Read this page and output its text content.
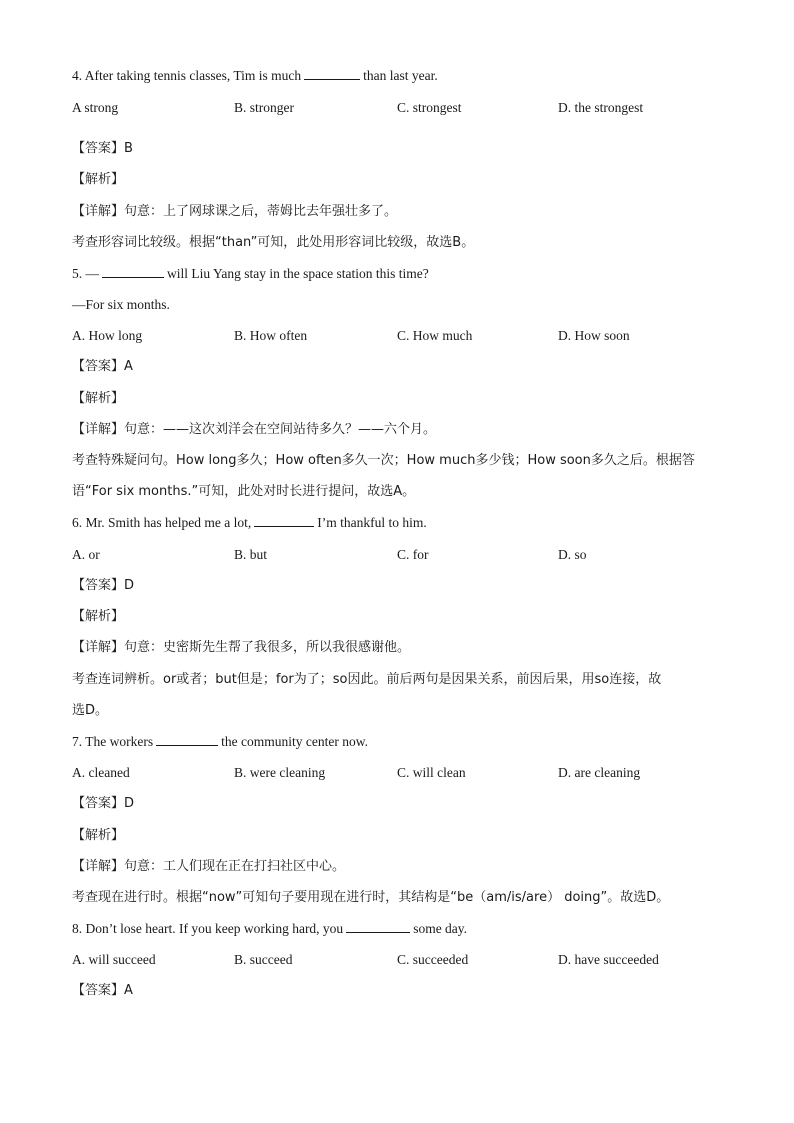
4. After taking tennis classes, Tim is much	than last year.
A strong	B. stronger	C. strongest	D. the strongest
【答案】B
【解析】
【详解】句意：上了网球课之后，蒂姆比去年强壮多了。
考查形容词比较级。根据“than”可知，此处用形容词比较级，故选B。
5. —	will Liu Yang stay in the space station this time?
—For six months.
A. How long	B. How often	C. How much	D. How soon
【答案】A
【解析】
【详解】句意：——这次刘洋会在空间站待多久？——六个月。
考查特殊疑问句。How long多久；How often多久一次；How much多少钱；How soon多久之后。根据答
语“For six months.”可知，此处对时长进行提问，故选A。
6. Mr. Smith has helped me a lot,	I’m thankful to him.
A. or	B. but	C. for	D. so
【答案】D
【解析】
【详解】句意：史密斯先生帮了我很多，所以我很感谢他。
考查连词辨析。or或者；but但是；for为了；so因此。前后两句是因果关系，前因后果，用so连接，故
选D。
7. The workers	the community center now.
A. cleaned	B. were cleaning	C. will clean	D. are cleaning
【答案】D
【解析】
【详解】句意：工人们现在正在打扫社区中心。
考查现在进行时。根据“now”可知句子要用现在进行时，其结构是“be（am/is/are） doing”。故选D。
8. Don’t lose heart. If you keep working hard, you	some day.
A. will succeed	B. succeed	C. succeeded	D. have succeeded
【答案】A
